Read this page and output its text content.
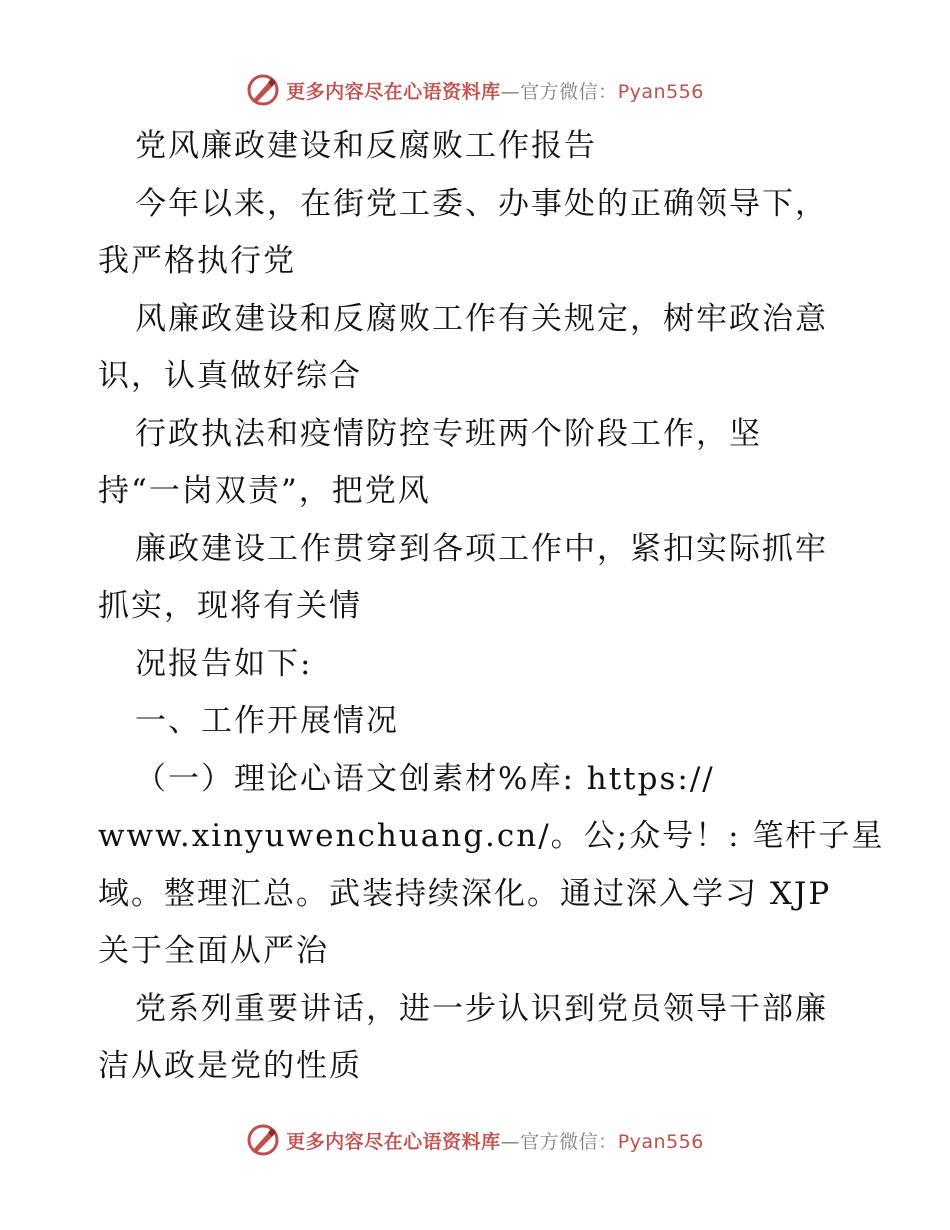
更多内容尽在心语资料库—官方微信：Pyan556
党风廉政建设和反腐败工作报告
今年以来，在街党工委、办事处的正确领导下，
我严格执行党
风廉政建设和反腐败工作有关规定，树牢政治意
识，认真做好综合
行政执法和疫情防控专班两个阶段工作，坚
持“一岗双责”，把党风
廉政建设工作贯穿到各项工作中，紧扣实际抓牢
抓实，现将有关情
况报告如下:
一、工作开展情况
（一）理论心语文创素材%库: https://
www.xinyuwenchuang.cn/。公;众号！: 笔杆子星
域。整理汇总。武装持续深化。通过深入学习 XJP
关于全面从严治
党系列重要讲话，进一步认识到党员领导干部廉
洁从政是党的性质
更多内容尽在心语资料库—官方微信：Pyan556
